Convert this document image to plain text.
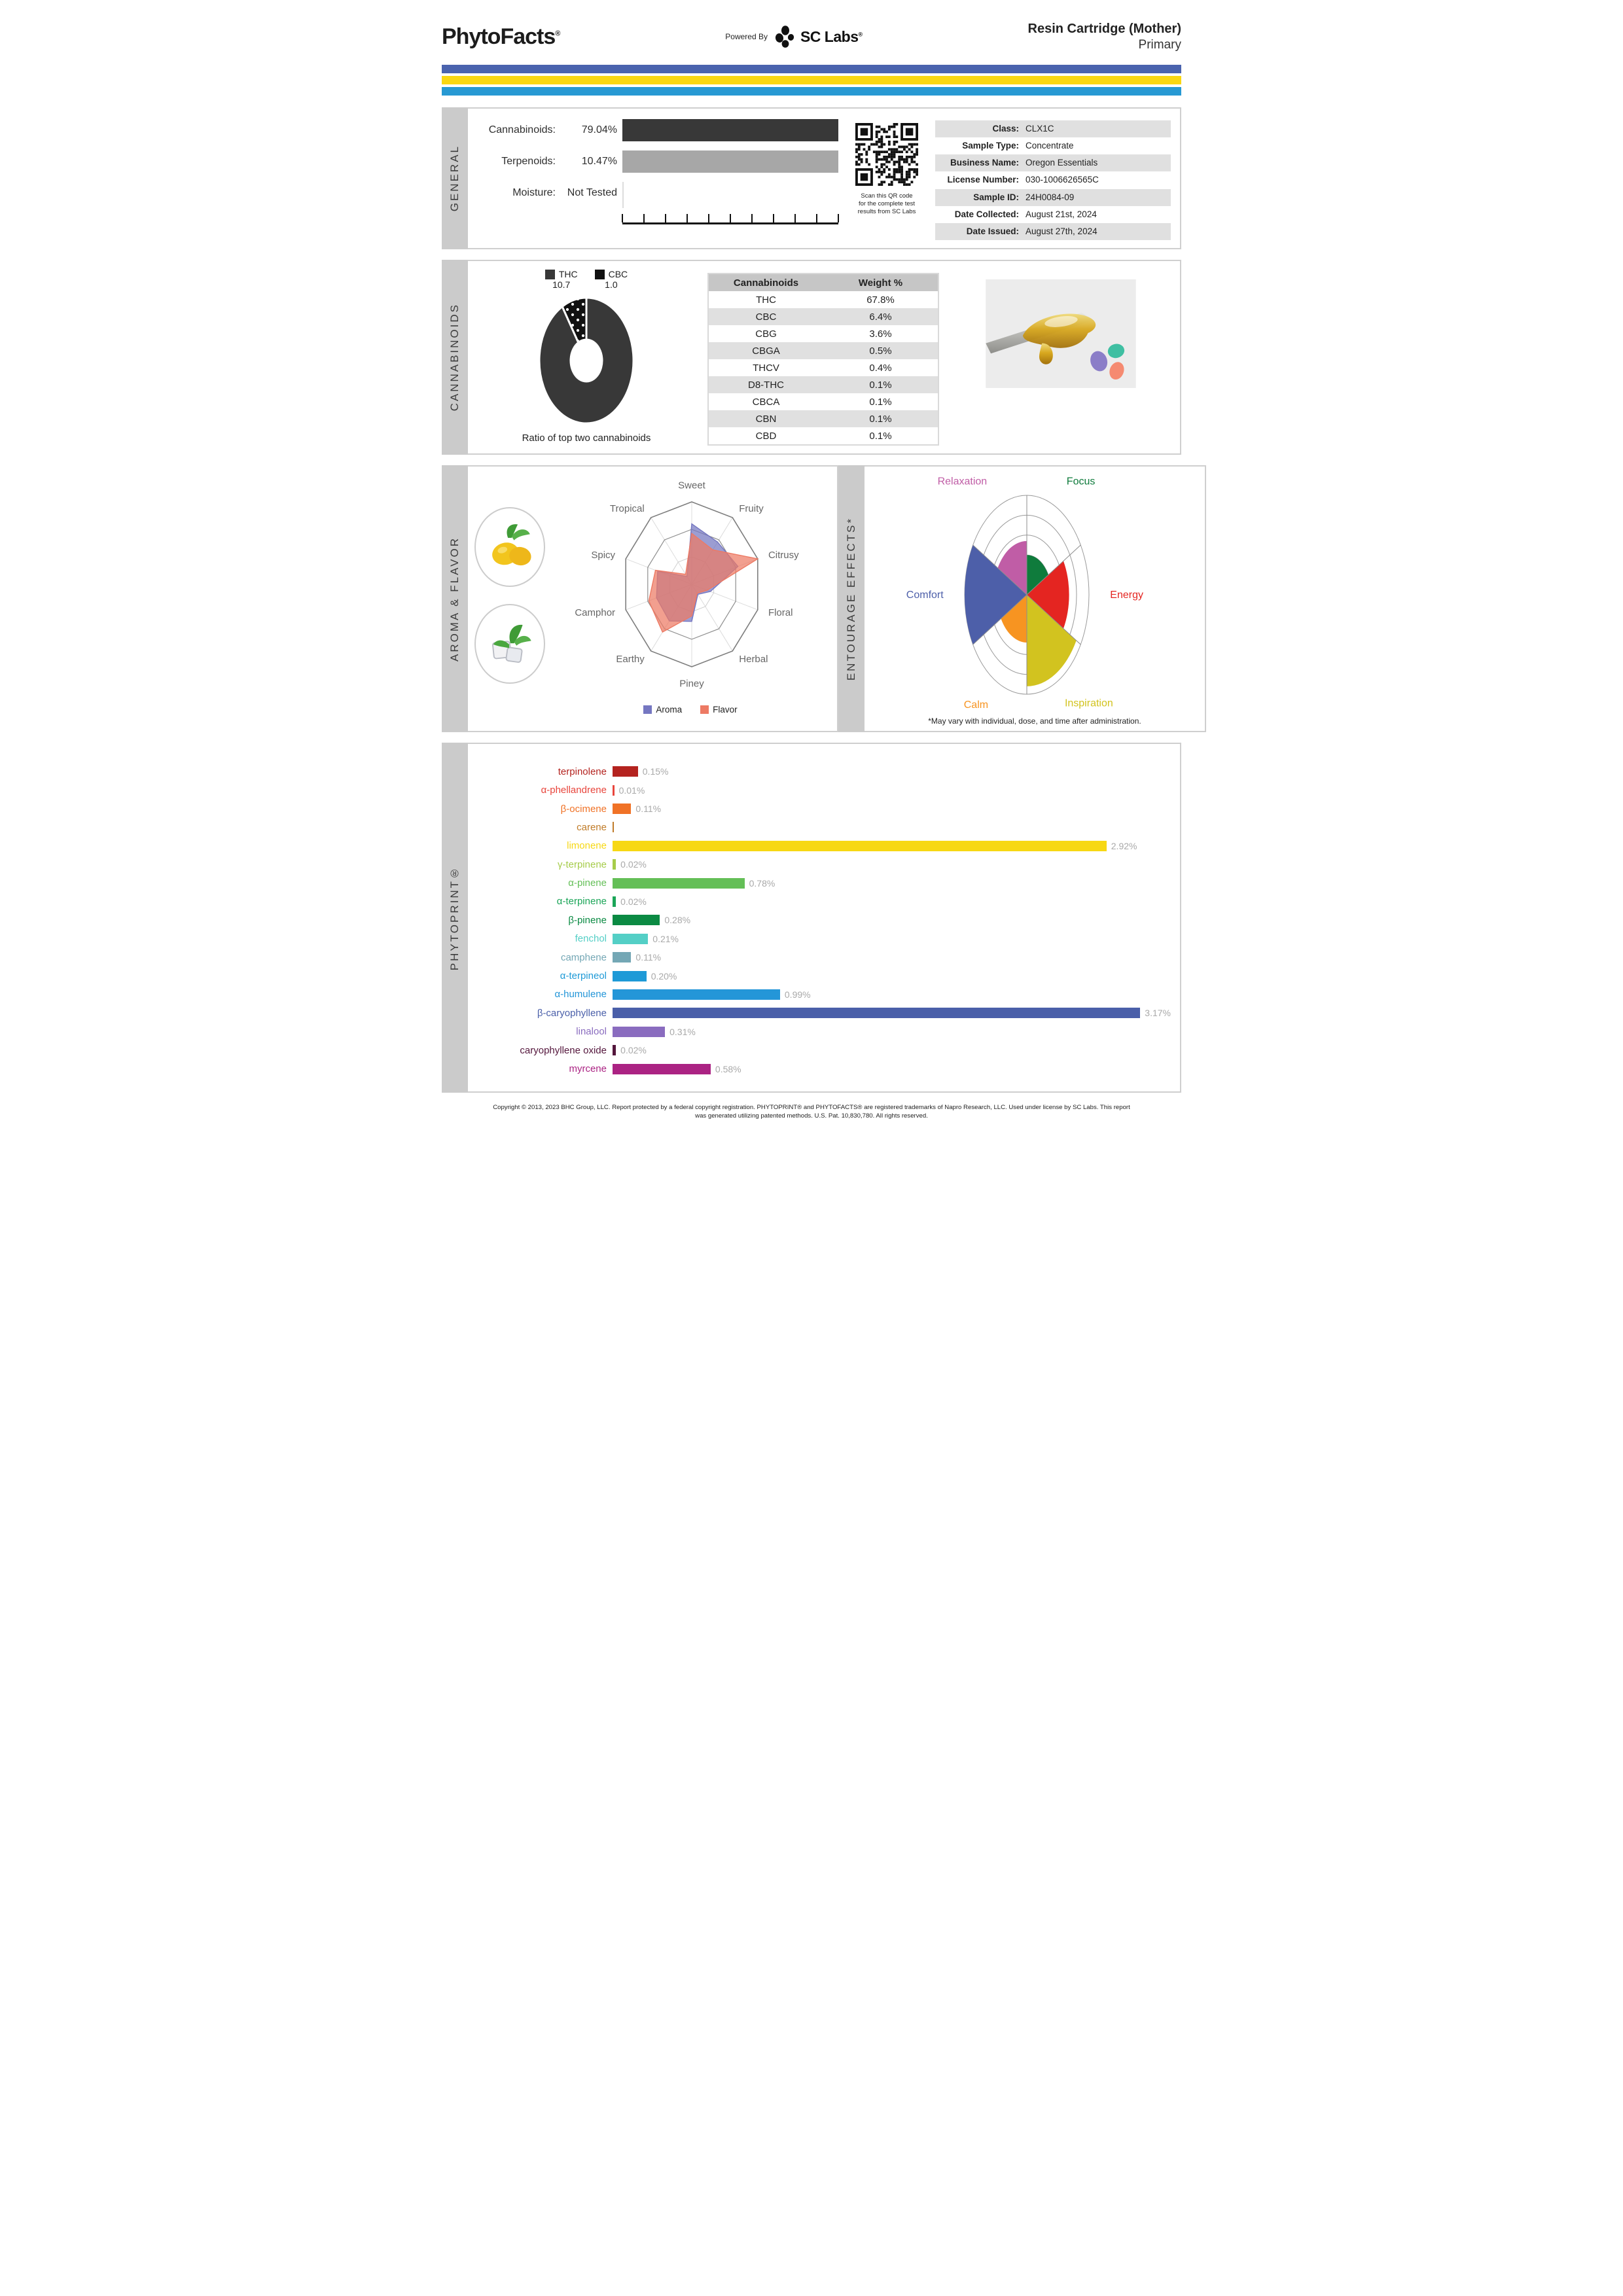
PhytoFacts®	Powered By SC Labs®	Resin Cartridge (Mother)
Primary
GENERAL
Cannabinoids:	79.04%
Terpenoids:	10.47%
Moisture:	Not Tested	Scan this QR code
for the complete test
results from SC Labs
Class: CLX1C
Sample Type: Concentrate
Business Name: Oregon Essentials
License Number: 030-1006626565C
Sample ID: 24H0084-09
Date Collected: August 21st, 2024
Date Issued: August 27th, 2024
CANNABINOIDS
THC
10.7
CBC
1.0
Ratio of top two cannabinoids
Cannabinoids	Weight %
THC	67.8%
CBC	6.4%
CBG	3.6%
CBGA	0.5%
THCV	0.4%
D8-THC	0.1%
CBCA	0.1%
CBN	0.1%
CBD	0.1%
AROMA & FLAVOR
Sweet
Fruity
Citrusy
Floral
Herbal
Piney
Earthy
Camphor
Spicy
Tropical
Aroma	Flavor
ENTOURAGE EFFECTS*
Focus
Energy
Inspiration
Calm
Comfort
Relaxation
*May vary with individual, dose, and time after administration.
PHYTOPRINT®
terpinolene	0.15%
α-phellandrene	0.01%
β-ocimene	0.11%
carene
limonene	2.92%
γ-terpinene	0.02%
α-pinene	0.78%
α-terpinene	0.02%
β-pinene	0.28%
fenchol	0.21%
camphene	0.11%
α-terpineol	0.20%
α-humulene	0.99%
β-caryophyllene	3.17%
linalool	0.31%
caryophyllene oxide	0.02%
myrcene	0.58%
Copyright © 2013, 2023 BHC Group, LLC. Report protected by a federal copyright registration. PHYTOPRINT® and PHYTOFACTS® are registered trademarks of Napro Research, LLC. Used under license by SC Labs. This report
was generated utilizing patented methods. U.S. Pat. 10,830,780. All rights reserved.
